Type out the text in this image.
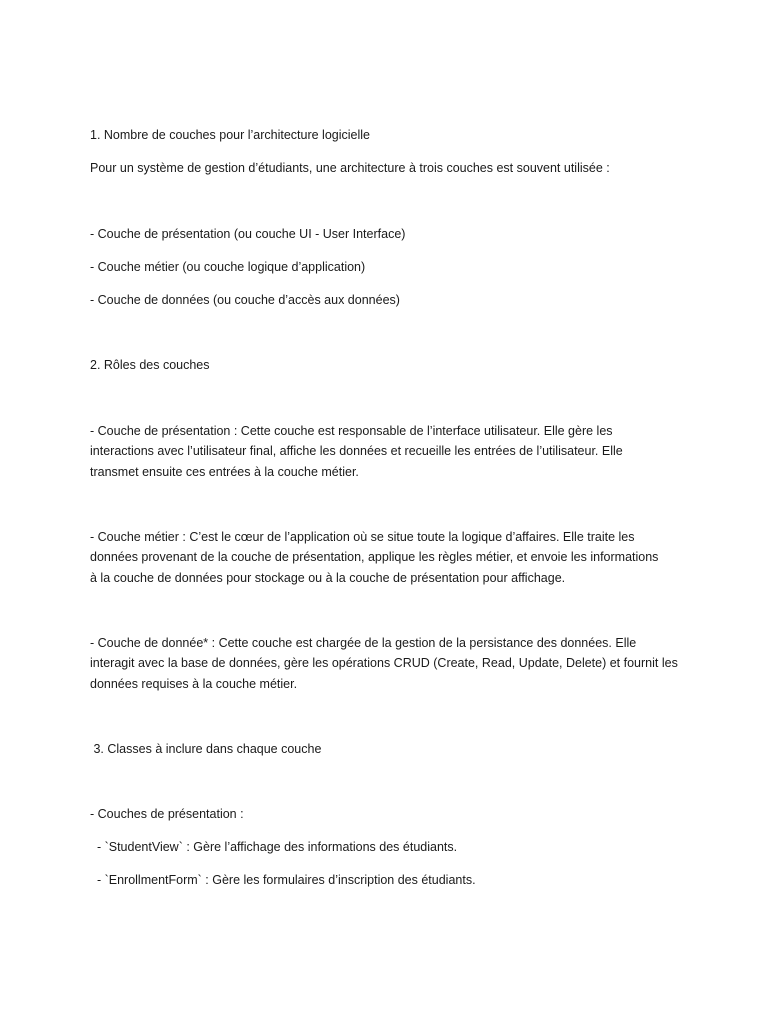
1. Nombre de couches pour l’architecture logicielle

Pour un système de gestion d’étudiants, une architecture à trois couches est souvent utilisée :

- Couche de présentation (ou couche UI - User Interface)

- Couche métier (ou couche logique d’application)

- Couche de données (ou couche d’accès aux données)

2. Rôles des couches

- Couche de présentation : Cette couche est responsable de l’interface utilisateur. Elle gère les

interactions avec l’utilisateur final, affiche les données et recueille les entrées de l’utilisateur. Elle

transmet ensuite ces entrées à la couche métier.

- Couche métier : C’est le cœur de l’application où se situe toute la logique d’affaires. Elle traite les

données provenant de la couche de présentation, applique les règles métier, et envoie les informations

à la couche de données pour stockage ou à la couche de présentation pour affichage.

- Couche de donnée* : Cette couche est chargée de la gestion de la persistance des données. Elle

interagit avec la base de données, gère les opérations CRUD (Create, Read, Update, Delete) et fournit les

données requises à la couche métier.

3. Classes à inclure dans chaque couche

- Couches de présentation :

- `StudentView` : Gère l’affichage des informations des étudiants.

- `EnrollmentForm` : Gère les formulaires d’inscription des étudiants.
